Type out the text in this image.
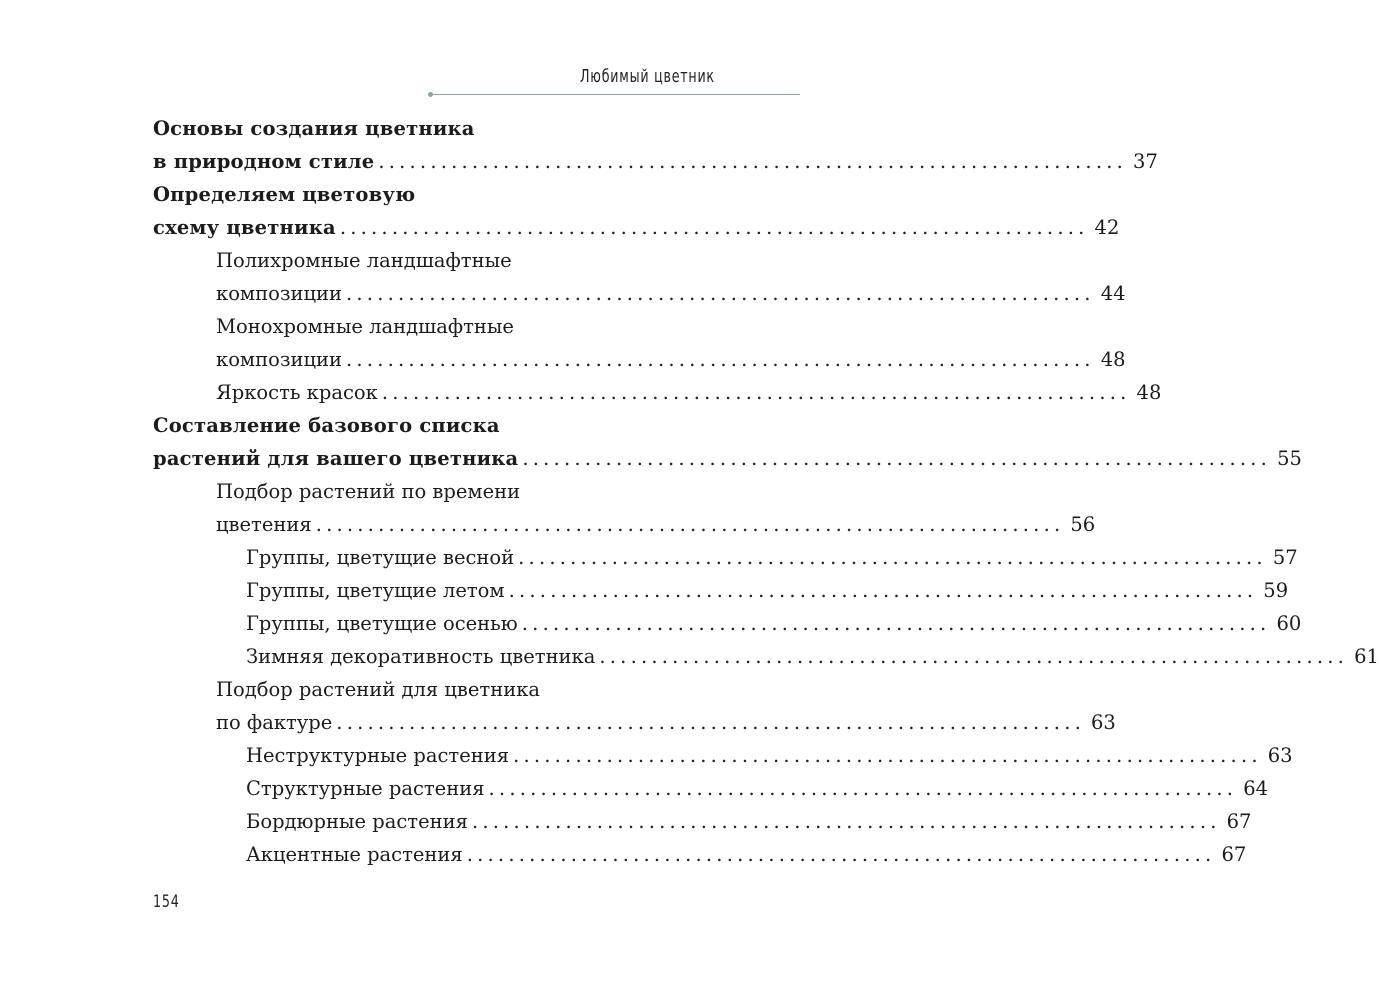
Любимый цветник
Основы создания цветника
в природном стиле ........................................................................ 37
Определяем цветовую
схему цветника ........................................................................ 42
Полихромные ландшафтные
композиции ........................................................................ 44
Монохромные ландшафтные
композиции ........................................................................ 48
Яркость красок ........................................................................ 48
Составление базового списка
растений для вашего цветника ........................................................................ 55
Подбор растений по времени
цветения ........................................................................ 56
Группы, цветущие весной ........................................................................ 57
Группы, цветущие летом ........................................................................ 59
Группы, цветущие осенью ........................................................................ 60
Зимняя декоративность цветника ........................................................................ 61
Подбор растений для цветника
по фактуре ........................................................................ 63
Неструктурные растения ........................................................................ 63
Структурные растения ........................................................................ 64
Бордюрные растения ........................................................................ 67
Акцентные растения ........................................................................ 67
154
